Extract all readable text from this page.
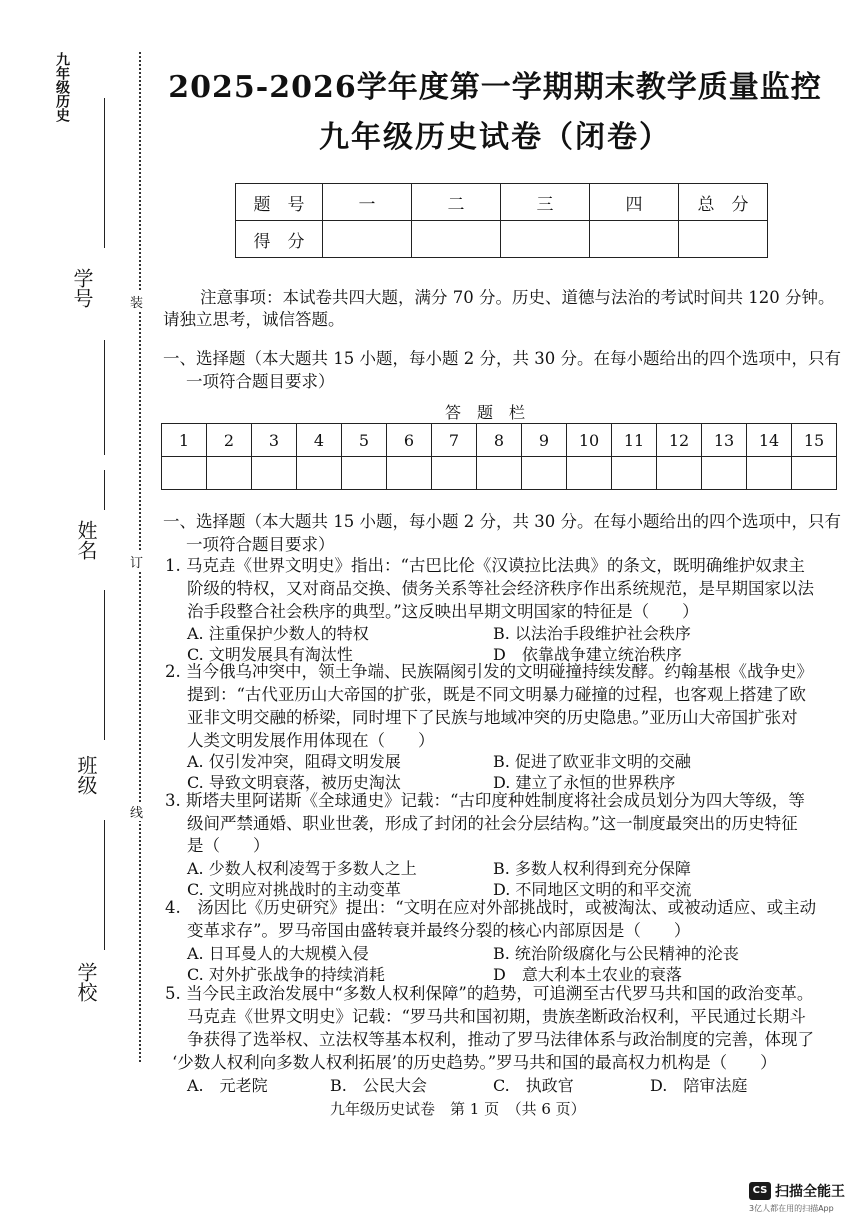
九年级历史
学号
姓名
班级
学校
装
订
线
2025-2026学年度第一学期期末教学质量监控
九年级历史试卷（闭卷）
题　号	一	二	三	四	总　分
得　分					
注意事项：本试卷共四大题，满分 70 分。历史、道德与法治的考试时间共 120 分钟。
请独立思考，诚信答题。
一、选择题（本大题共 15 小题，每小题 2 分，共 30 分。在每小题给出的四个选项中，只有
一项符合题目要求）
答　题　栏
1	2	3	4	5	6	7	8	9	10	11	12	13	14	15

一、选择题（本大题共 15 小题，每小题 2 分，共 30 分。在每小题给出的四个选项中，只有
一项符合题目要求）
1. 马克垚《世界文明史》指出：“古巴比伦《汉谟拉比法典》的条文，既明确维护奴隶主
阶级的特权，又对商品交换、债务关系等社会经济秩序作出系统规范，是早期国家以法
治手段整合社会秩序的典型。”这反映出早期文明国家的特征是（　　）
A. 注重保护少数人的特权	B. 以法治手段维护社会秩序
C. 文明发展具有淘汰性	D　依靠战争建立统治秩序
2. 当今俄乌冲突中，领土争端、民族隔阂引发的文明碰撞持续发酵。约翰基根《战争史》
提到：“古代亚历山大帝国的扩张，既是不同文明暴力碰撞的过程，也客观上搭建了欧
亚非文明交融的桥梁，同时埋下了民族与地域冲突的历史隐患。”亚历山大帝国扩张对
人类文明发展作用体现在（　　）
A. 仅引发冲突，阻碍文明发展	B. 促进了欧亚非文明的交融
C. 导致文明衰落，被历史淘汰	D. 建立了永恒的世界秩序
3. 斯塔夫里阿诺斯《全球通史》记载：“古印度种姓制度将社会成员划分为四大等级，等
级间严禁通婚、职业世袭，形成了封闭的社会分层结构。”这一制度最突出的历史特征
是（　　）
A. 少数人权利凌驾于多数人之上	B. 多数人权利得到充分保障
C. 文明应对挑战时的主动变革	D. 不同地区文明的和平交流
4.　汤因比《历史研究》提出：“文明在应对外部挑战时，或被淘汰、或被动适应、或主动
变革求存”。罗马帝国由盛转衰并最终分裂的核心内部原因是（　　）
A. 日耳曼人的大规模入侵	B. 统治阶级腐化与公民精神的沦丧
C. 对外扩张战争的持续消耗	D　意大利本土农业的衰落
5. 当今民主政治发展中“多数人权利保障”的趋势，可追溯至古代罗马共和国的政治变革。
马克垚《世界文明史》记载：“罗马共和国初期，贵族垄断政治权利，平民通过长期斗
争获得了选举权、立法权等基本权利，推动了罗马法律体系与政治制度的完善，体现了
‘少数人权利向多数人权利拓展’的历史趋势。”罗马共和国的最高权力机构是（　　）
A.　元老院	B.　公民大会	C.　执政官	D.　陪审法庭
九年级历史试卷　第 1 页　（共 6 页）
CS 扫描全能王
3亿人都在用的扫描App
